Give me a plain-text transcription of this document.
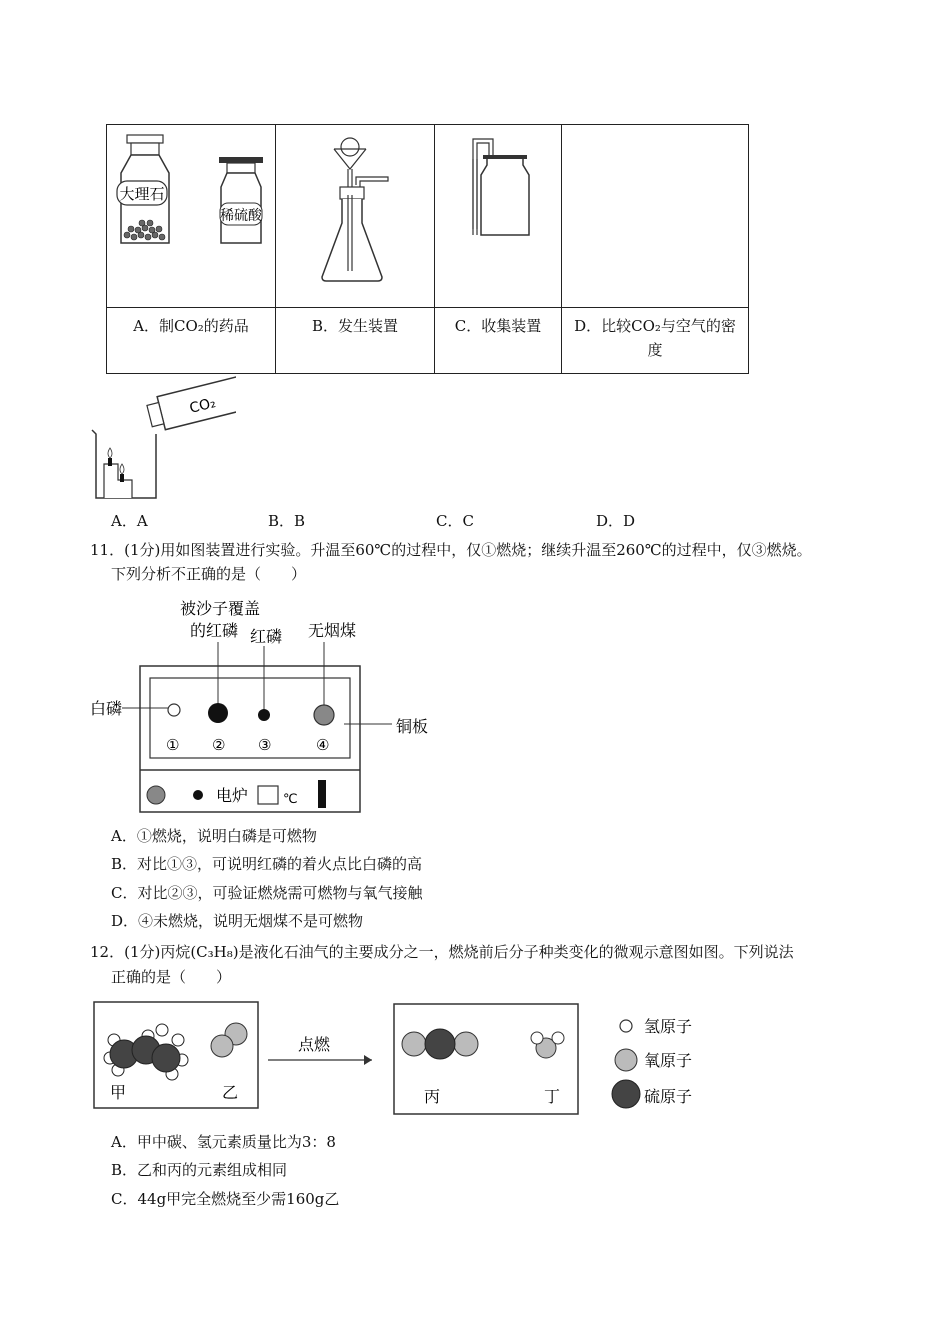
大理石
稀硫酸

A．制CO₂的药品	B．发生装置	C．收集装置	D．比较CO₂与空气的密度
CO₂
A．A	B．B	C．C	D．D
11．(1分)用如图装置进行实验。升温至60℃的过程中，仅①燃烧；继续升温至260℃的过程中，仅③燃烧。
下列分析不正确的是（　　）
被沙子覆盖
的红磷 红磷 无烟煤
白磷
铜板
① ② ③	④
电炉	℃
A．①燃烧，说明白磷是可燃物
B．对比①③，可说明红磷的着火点比白磷的高
C．对比②③，可验证燃烧需可燃物与氧气接触
D．④未燃烧，说明无烟煤不是可燃物
12．(1分)丙烷(C₃H₈)是液化石油气的主要成分之一，燃烧前后分子种类变化的微观示意图如图。下列说法
正确的是（　　）
甲	乙
点燃
丙	丁
氢原子
氧原子
硫原子
A．甲中碳、氢元素质量比为3：8
B．乙和丙的元素组成相同
C．44g甲完全燃烧至少需160g乙
